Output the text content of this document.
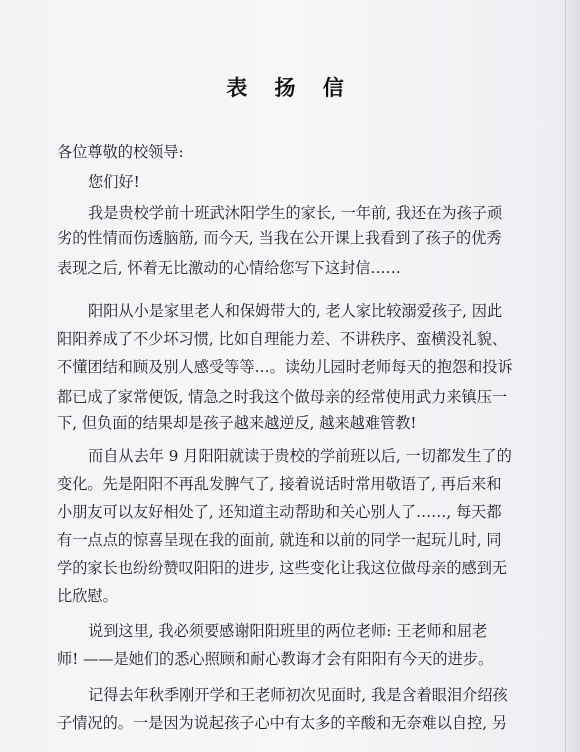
表 扬 信
各位尊敬的校领导:
您们好!
我是贵校学前十班武沐阳学生的家长, 一年前, 我还在为孩子顽
劣的性情而伤透脑筋, 而今天, 当我在公开课上我看到了孩子的优秀
表现之后, 怀着无比激动的心情给您写下这封信……
阳阳从小是家里老人和保姆带大的, 老人家比较溺爱孩子, 因此
阳阳养成了不少坏习惯, 比如自理能力差、不讲秩序、蛮横没礼貌、
不懂团结和顾及别人感受等等…。读幼儿园时老师每天的抱怨和投诉
都已成了家常便饭, 情急之时我这个做母亲的经常使用武力来镇压一
下, 但负面的结果却是孩子越来越逆反, 越来越难管教!
而自从去年 9 月阳阳就读于贵校的学前班以后, 一切都发生了的
变化。先是阳阳不再乱发脾气了, 接着说话时常用敬语了, 再后来和
小朋友可以友好相处了, 还知道主动帮助和关心别人了……, 每天都
有一点点的惊喜呈现在我的面前, 就连和以前的同学一起玩儿时, 同
学的家长也纷纷赞叹阳阳的进步, 这些变化让我这位做母亲的感到无
比欣慰。
说到这里, 我必须要感谢阳阳班里的两位老师: 王老师和屈老
师! ——是她们的悉心照顾和耐心教诲才会有阳阳有今天的进步。
记得去年秋季刚开学和王老师初次见面时, 我是含着眼泪介绍孩
子情况的。一是因为说起孩子心中有太多的辛酸和无奈难以自控, 另
